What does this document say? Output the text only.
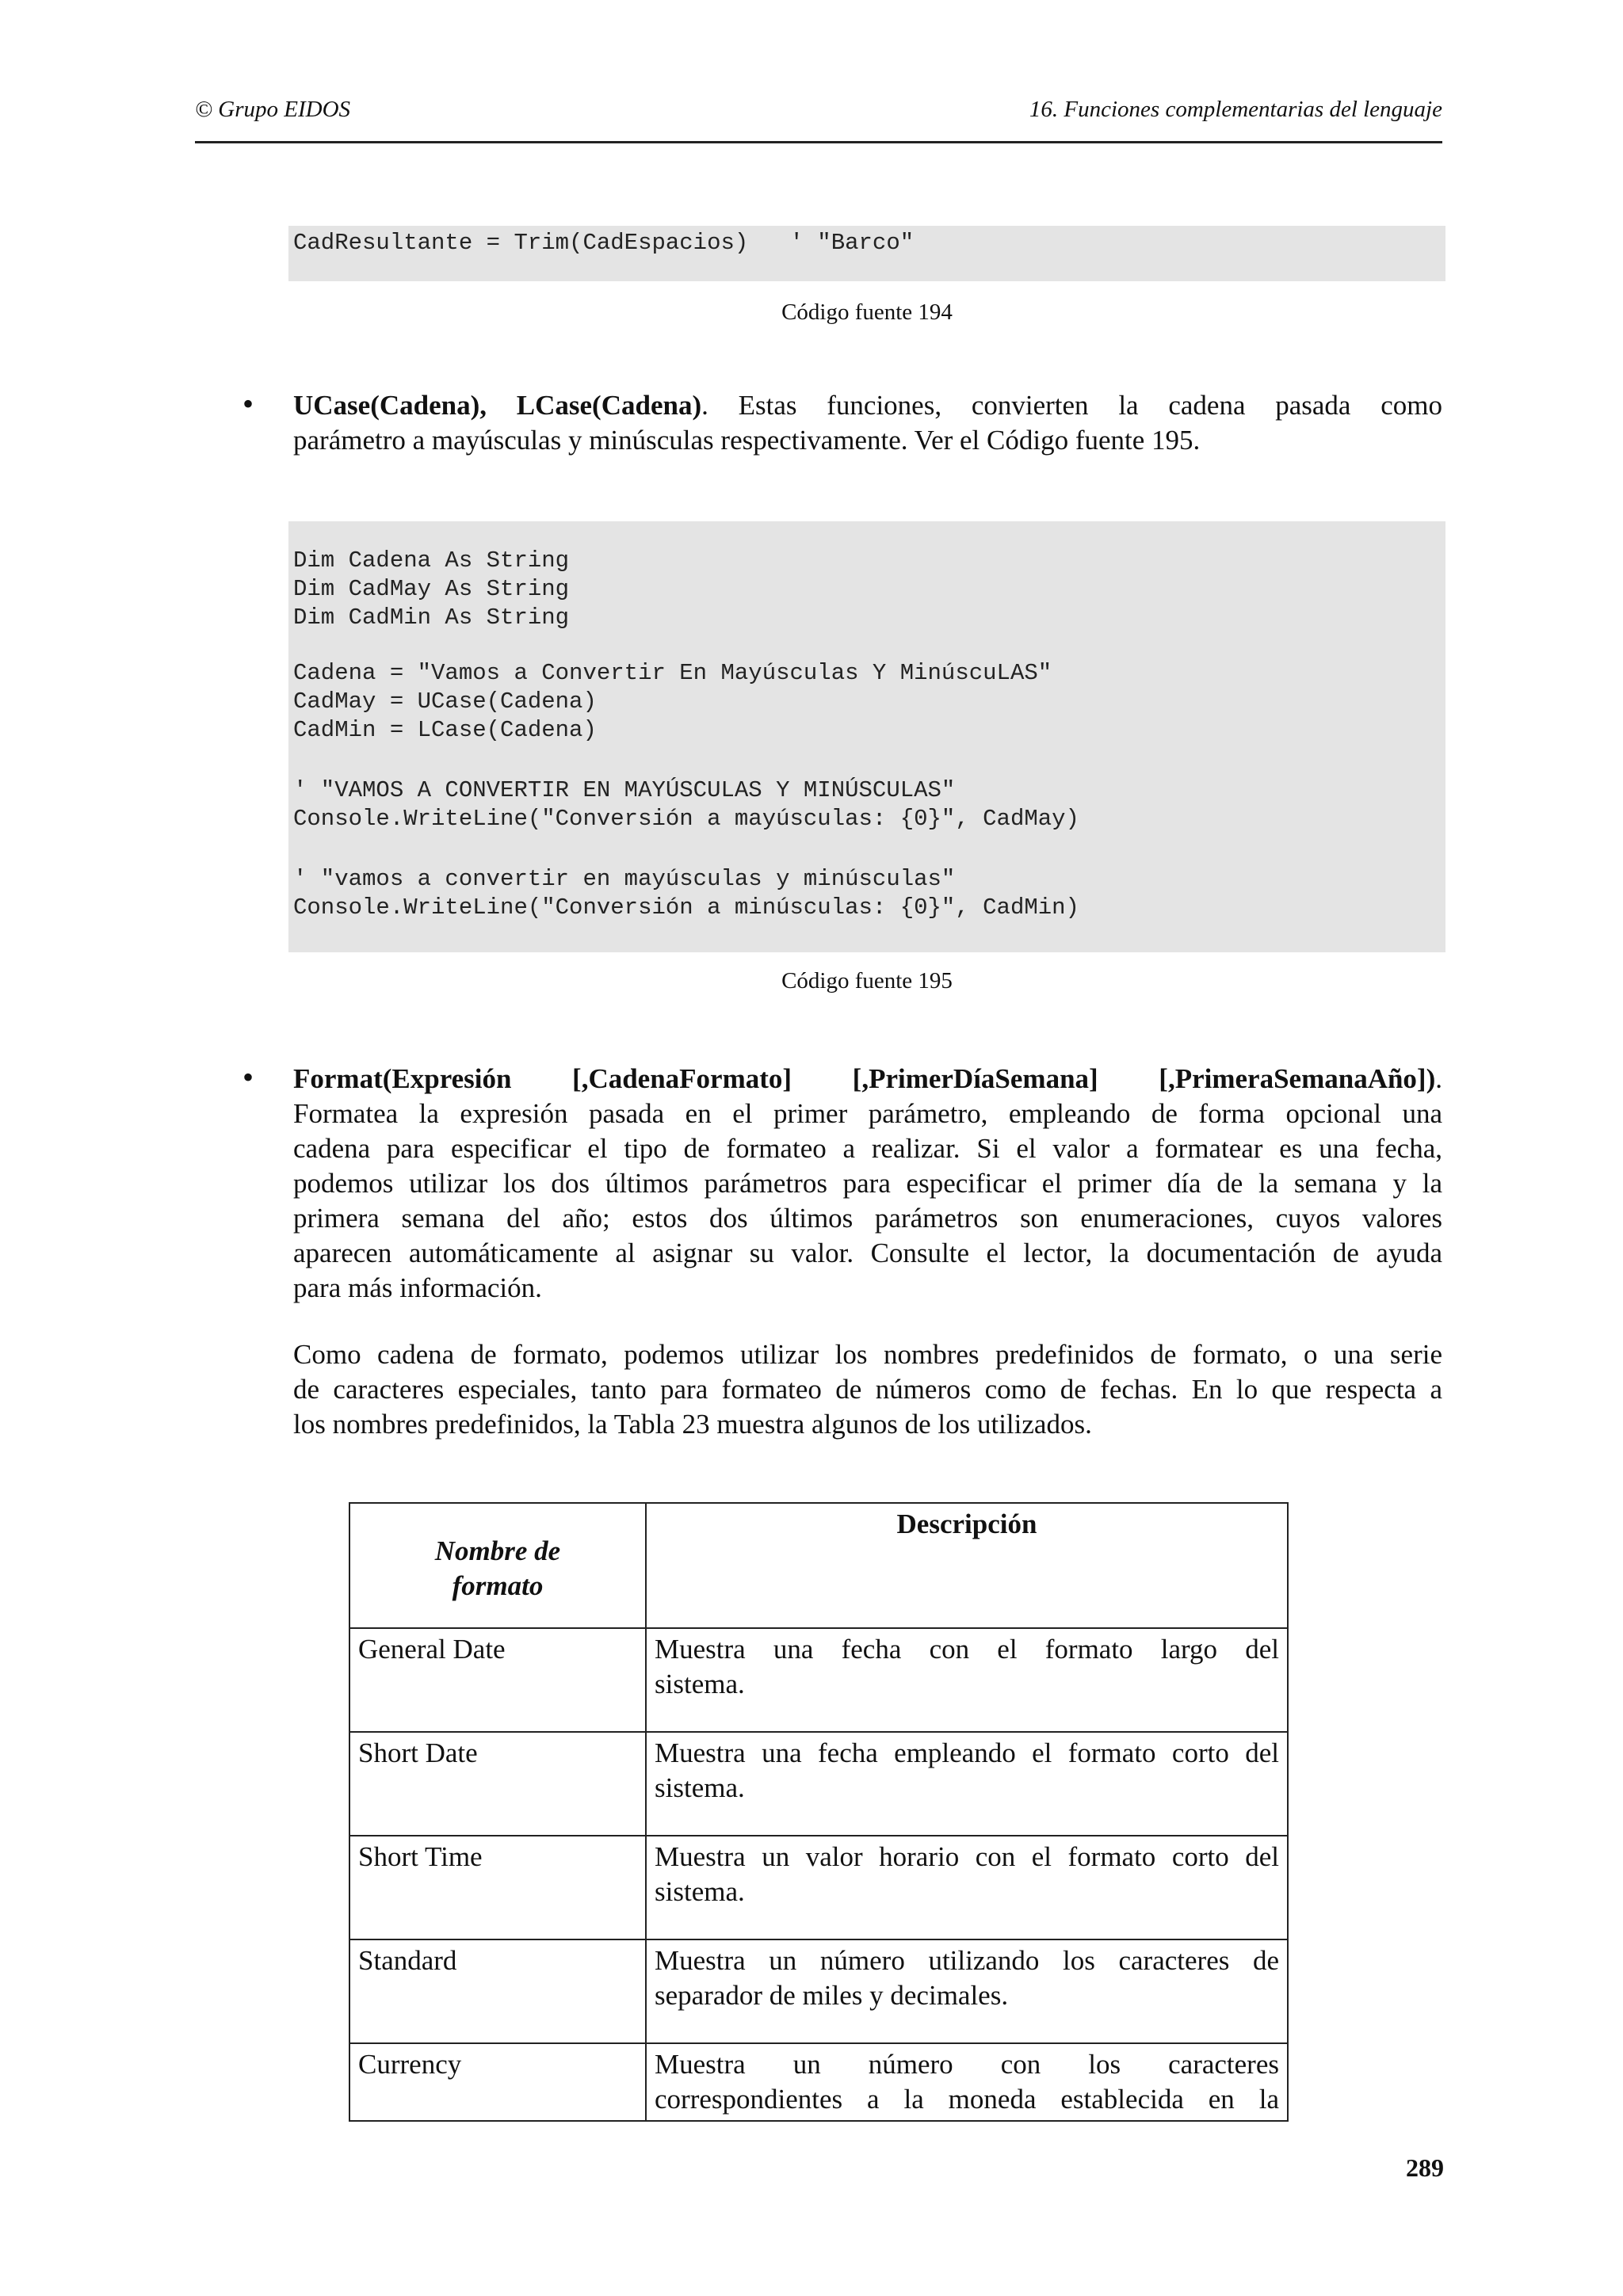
© Grupo EIDOS	16. Funciones complementarias del lenguaje
CadResultante = Trim(CadEspacios)   ' "Barco"
Código fuente 194
• UCase(Cadena), LCase(Cadena). Estas funciones, convierten la cadena pasada como
parámetro a mayúsculas y minúsculas respectivamente. Ver el Código fuente 195.
Dim Cadena As String
Dim CadMay As String
Dim CadMin As String
Cadena = "Vamos a Convertir En Mayúsculas Y MinúscuLAS"
CadMay = UCase(Cadena)
CadMin = LCase(Cadena)
' "VAMOS A CONVERTIR EN MAYÚSCULAS Y MINÚSCULAS"
Console.WriteLine("Conversión a mayúsculas: {0}", CadMay)
' "vamos a convertir en mayúsculas y minúsculas"
Console.WriteLine("Conversión a minúsculas: {0}", CadMin)
Código fuente 195
• Format(Expresión [,CadenaFormato] [,PrimerDíaSemana] [,PrimeraSemanaAño]).
Formatea la expresión pasada en el primer parámetro, empleando de forma opcional una
cadena para especificar el tipo de formateo a realizar. Si el valor a formatear es una fecha,
podemos utilizar los dos últimos parámetros para especificar el primer día de la semana y la
primera semana del año; estos dos últimos parámetros son enumeraciones, cuyos valores
aparecen automáticamente al asignar su valor. Consulte el lector, la documentación de ayuda
para más información.
Como cadena de formato, podemos utilizar los nombres predefinidos de formato, o una serie
de caracteres especiales, tanto para formateo de números como de fechas. En lo que respecta a
los nombres predefinidos, la Tabla 23 muestra algunos de los utilizados.
Nombre de
formato	Descripción
General Date	Muestra una fecha con el formato largo del
sistema.

Short Date	Muestra una fecha empleando el formato corto del
sistema.

Short Time	Muestra un valor horario con el formato corto del
sistema.

Standard	Muestra un número utilizando los caracteres de
separador de miles y decimales.

Currency	Muestra un número con los caracteres
correspondientes a la moneda establecida en la
289
